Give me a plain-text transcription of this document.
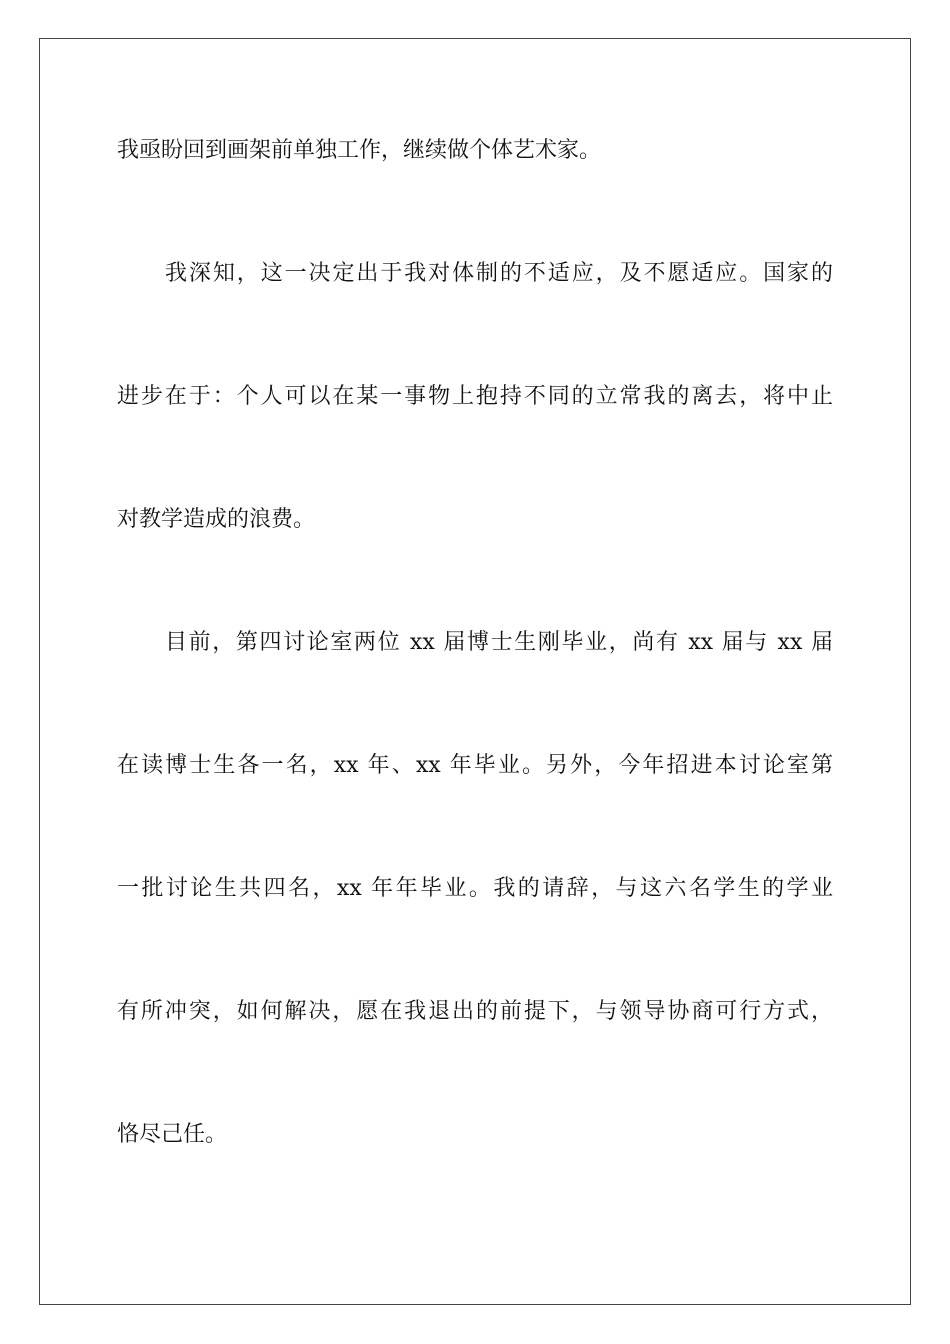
我亟盼回到画架前单独工作，继续做个体艺术家。

我深知，这一决定出于我对体制的不适应，及不愿适应。国家的

进步在于：个人可以在某一事物上抱持不同的立常我的离去，将中止

对教学造成的浪费。

目前，第四讨论室两位 xx 届博士生刚毕业，尚有 xx 届与 xx 届

在读博士生各一名，xx 年、xx 年毕业。另外，今年招进本讨论室第

一批讨论生共四名，xx 年年毕业。我的请辞，与这六名学生的学业

有所冲突，如何解决，愿在我退出的前提下，与领导协商可行方式，

恪尽己任。
